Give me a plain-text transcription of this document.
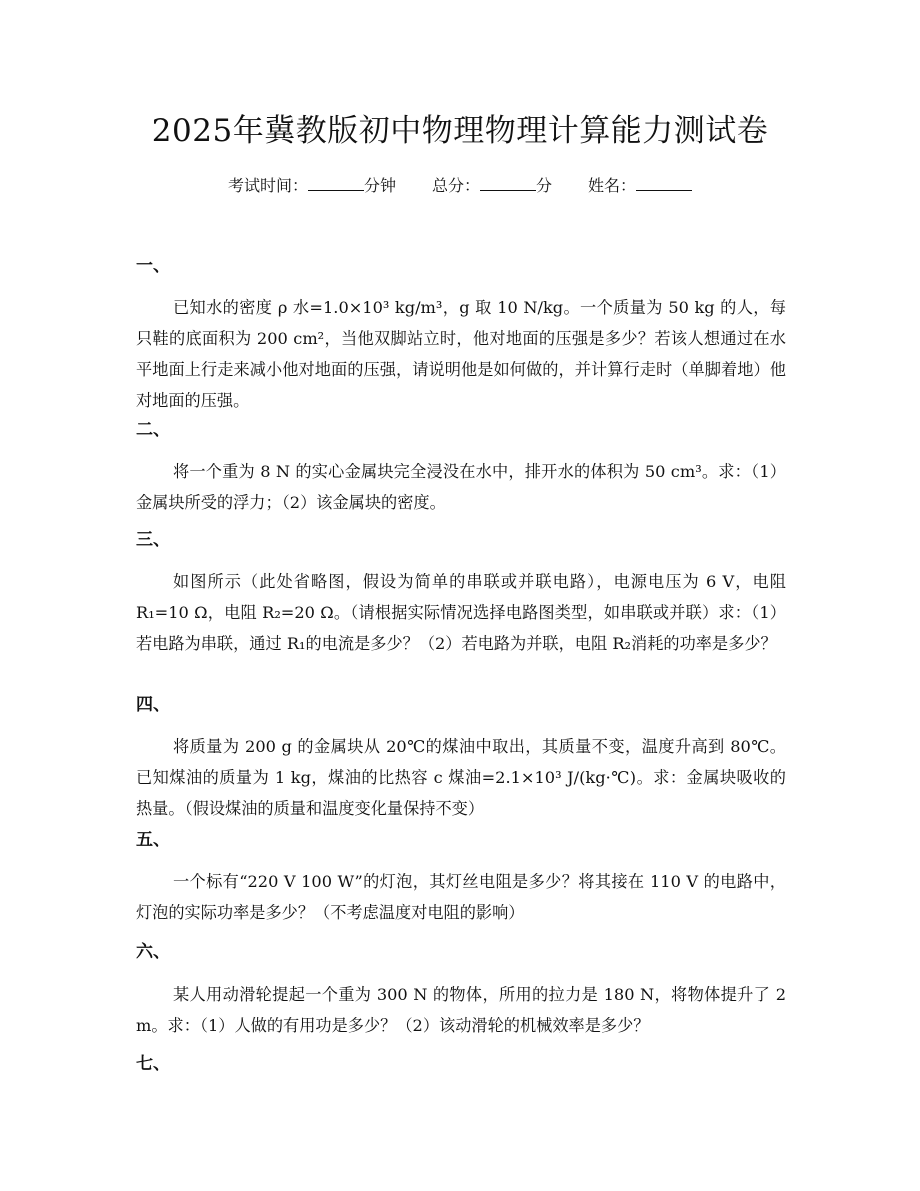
2025年冀教版初中物理物理计算能力测试卷
考试时间：	分钟 总分：	分 姓名：
一、

已知水的密度 ρ 水=1.0×10³ kg/m³，g 取 10 N/kg。一个质量为 50 kg 的人，每只鞋的底面积为 200 cm²，当他双脚站立时，他对地面的压强是多少？若该人想通过在水平地面上行走来减小他对地面的压强，请说明他是如何做的，并计算行走时（单脚着地）他对地面的压强。

二、

将一个重为 8 N 的实心金属块完全浸没在水中，排开水的体积为 50 cm³。求：（1）金属块所受的浮力；（2）该金属块的密度。

三、

如图所示（此处省略图，假设为简单的串联或并联电路），电源电压为 6 V，电阻 R₁=10 Ω，电阻 R₂=20 Ω。（请根据实际情况选择电路图类型，如串联或并联）求：（1）若电路为串联，通过 R₁的电流是多少？（2）若电路为并联，电阻 R₂消耗的功率是多少？

四、

将质量为 200 g 的金属块从 20℃的煤油中取出，其质量不变，温度升高到 80℃。已知煤油的质量为 1 kg，煤油的比热容 c 煤油=2.1×10³ J/(kg·℃)。求：金属块吸收的热量。（假设煤油的质量和温度变化量保持不变）

五、

一个标有“220 V 100 W”的灯泡，其灯丝电阻是多少？将其接在 110 V 的电路中，灯泡的实际功率是多少？（不考虑温度对电阻的影响）

六、

某人用动滑轮提起一个重为 300 N 的物体，所用的拉力是 180 N，将物体提升了 2 m。求：（1）人做的有用功是多少？（2）该动滑轮的机械效率是多少？

七、
